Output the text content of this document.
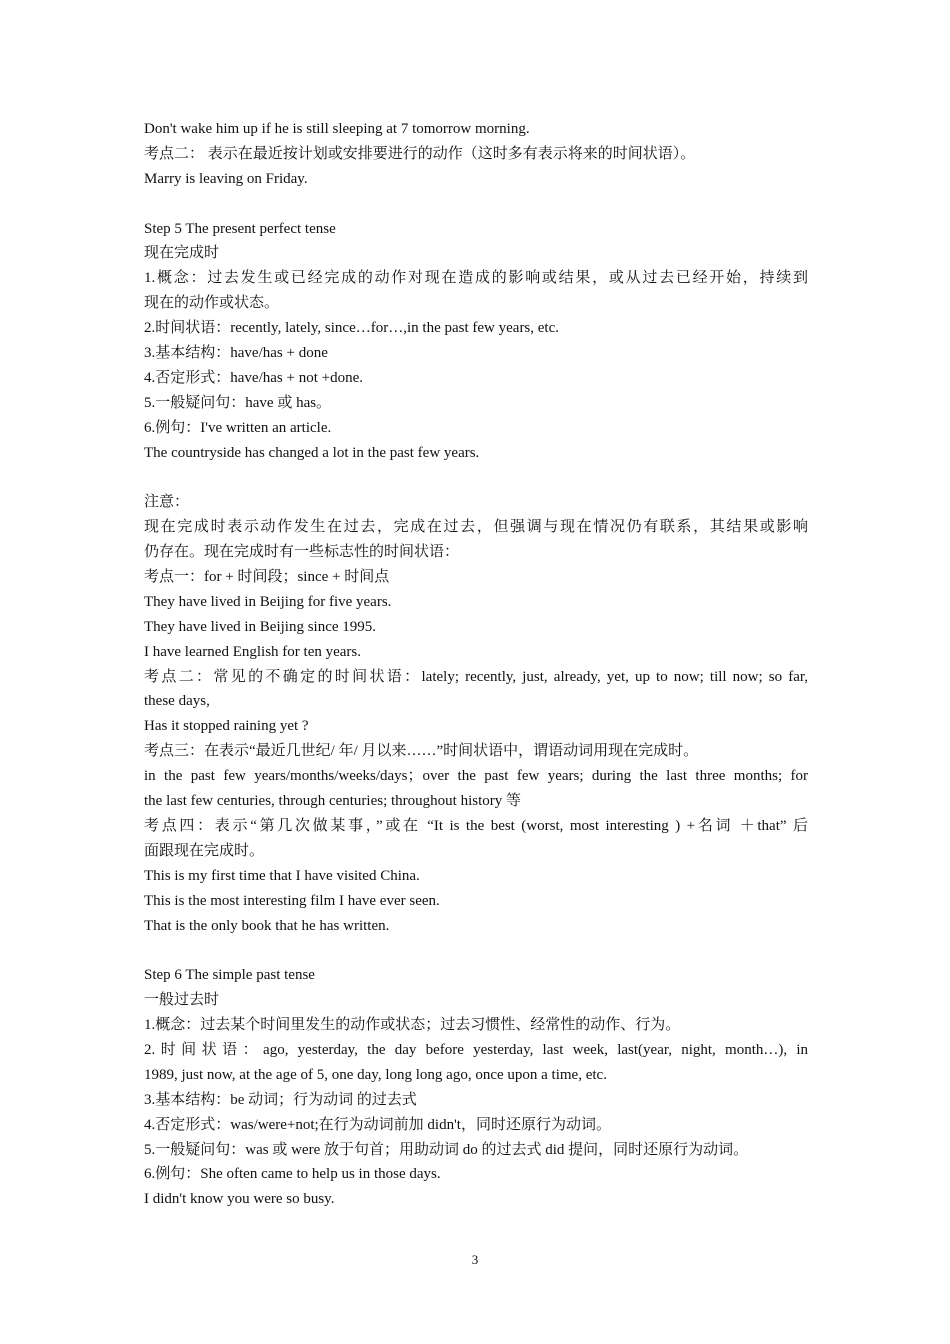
Don't wake him up if he is still sleeping at 7 tomorrow morning.
考点二： 表示在最近按计划或安排要进行的动作（这时多有表示将来的时间状语）。
Marry is leaving on Friday.
Step 5 The present perfect tense
现在完成时
1.概念：过去发生或已经完成的动作对现在造成的影响或结果，或从过去已经开始，持续到
现在的动作或状态。
2.时间状语：recently, lately, since…for…,in the past few years, etc.
3.基本结构：have/has + done
4.否定形式：have/has + not +done.
5.一般疑问句：have 或 has。
6.例句：I've written an article.
The countryside has changed a lot in the past few years.
注意：
现在完成时表示动作发生在过去，完成在过去，但强调与现在情况仍有联系，其结果或影响
仍存在。现在完成时有一些标志性的时间状语：
考点一：for + 时间段；since + 时间点
They have lived in Beijing for five years.
They have lived in Beijing since 1995.
I have learned English for ten years.
考点二：常见的不确定的时间状语：lately; recently, just, already, yet, up to now; till now; so far,
these days,
Has it stopped raining yet ?
考点三：在表示“最近几世纪/ 年/ 月以来……”时间状语中，谓语动词用现在完成时。
in the past few years/months/weeks/days；over the past few years; during the last three months; for
the last few centuries, through centuries; throughout history 等
考点四：表示“第几次做某事，”或在 “It is the best (worst, most interesting ) +名词 ＋that” 后
面跟现在完成时。
This is my first time that I have visited China.
This is the most interesting film I have ever seen.
That is the only book that he has written.
Step 6 The simple past tense
一般过去时
1.概念：过去某个时间里发生的动作或状态；过去习惯性、经常性的动作、行为。
2.时间状语：ago, yesterday, the day before yesterday, last week, last(year, night, month…), in
1989, just now, at the age of 5, one day, long long ago, once upon a time, etc.
3.基本结构：be 动词；行为动词 的过去式
4.否定形式：was/were+not;在行为动词前加 didn't，同时还原行为动词。
5.一般疑问句：was 或 were 放于句首；用助动词 do 的过去式 did 提问，同时还原行为动词。
6.例句：She often came to help us in those days.
I didn't know you were so busy.
3
